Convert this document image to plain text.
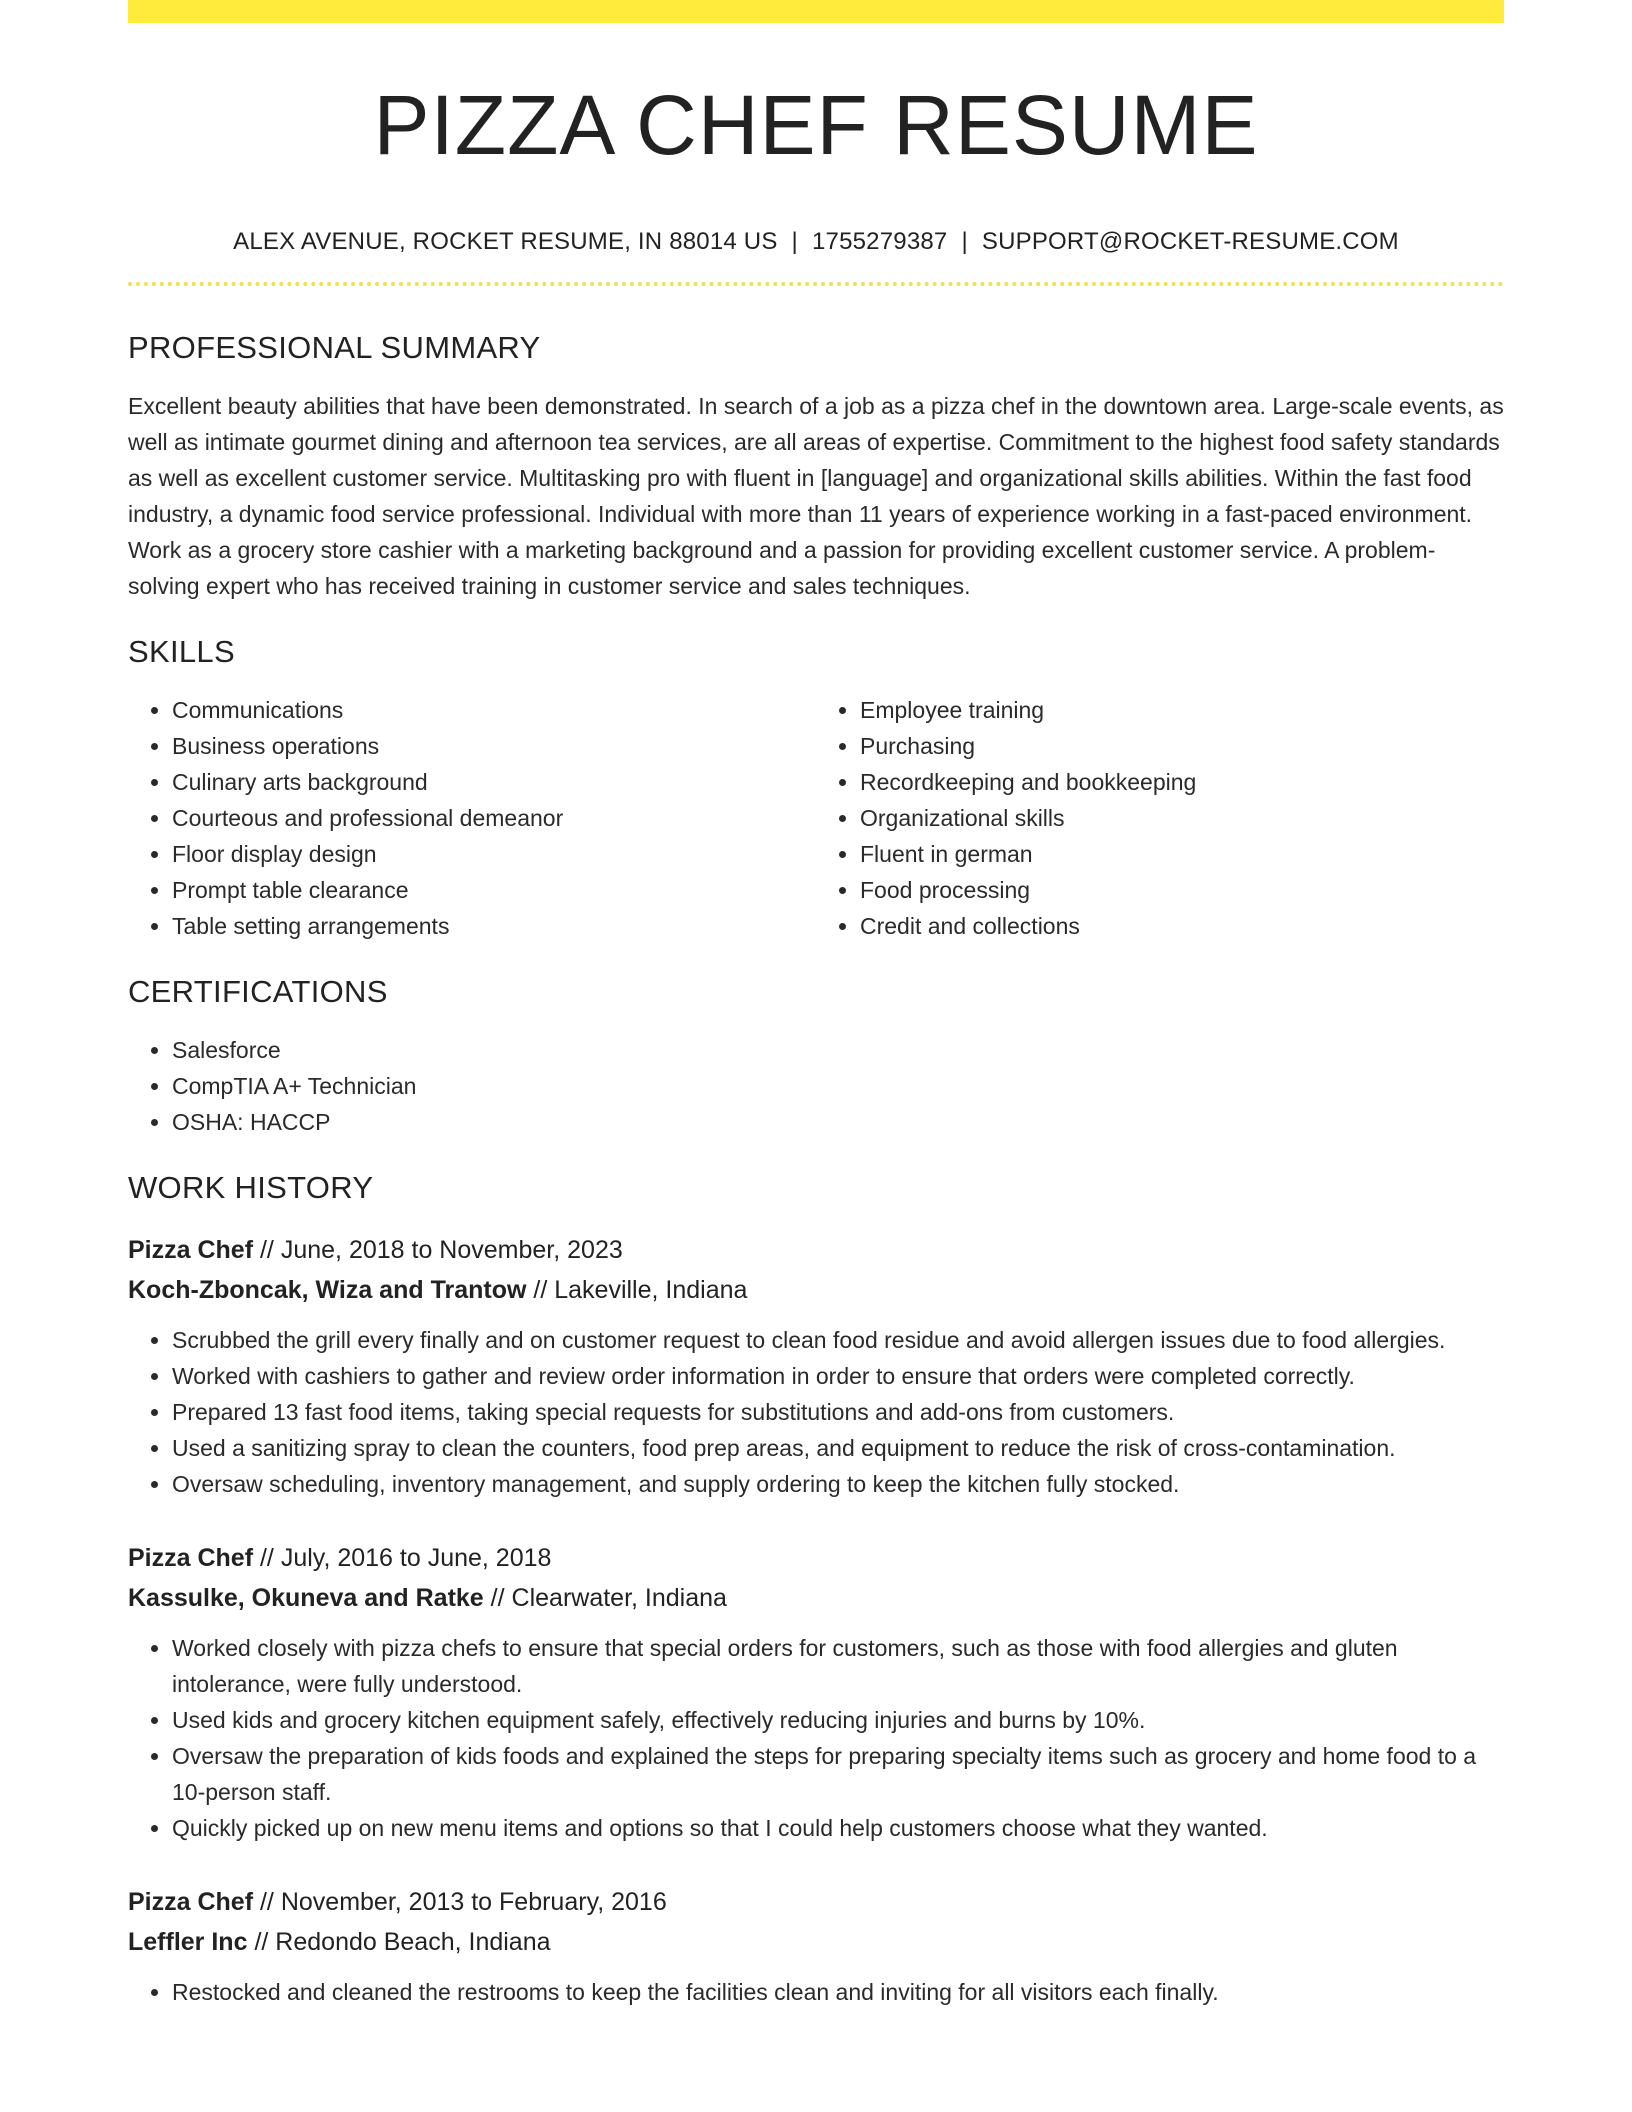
PIZZA CHEF RESUME
ALEX AVENUE, ROCKET RESUME, IN 88014 US | 1755279387 | SUPPORT@ROCKET-RESUME.COM
PROFESSIONAL SUMMARY
Excellent beauty abilities that have been demonstrated. In search of a job as a pizza chef in the downtown area. Large-scale events, as well as intimate gourmet dining and afternoon tea services, are all areas of expertise. Commitment to the highest food safety standards as well as excellent customer service. Multitasking pro with fluent in [language] and organizational skills abilities. Within the fast food industry, a dynamic food service professional. Individual with more than 11 years of experience working in a fast-paced environment. Work as a grocery store cashier with a marketing background and a passion for providing excellent customer service. A problem-solving expert who has received training in customer service and sales techniques.
SKILLS
• Communications
• Business operations
• Culinary arts background
• Courteous and professional demeanor
• Floor display design
• Prompt table clearance
• Table setting arrangements
• Employee training
• Purchasing
• Recordkeeping and bookkeeping
• Organizational skills
• Fluent in german
• Food processing
• Credit and collections
CERTIFICATIONS
• Salesforce
• CompTIA A+ Technician
• OSHA: HACCP
WORK HISTORY
Pizza Chef // June, 2018 to November, 2023
Koch-Zboncak, Wiza and Trantow // Lakeville, Indiana
• Scrubbed the grill every finally and on customer request to clean food residue and avoid allergen issues due to food allergies.
• Worked with cashiers to gather and review order information in order to ensure that orders were completed correctly.
• Prepared 13 fast food items, taking special requests for substitutions and add-ons from customers.
• Used a sanitizing spray to clean the counters, food prep areas, and equipment to reduce the risk of cross-contamination.
• Oversaw scheduling, inventory management, and supply ordering to keep the kitchen fully stocked.
Pizza Chef // July, 2016 to June, 2018
Kassulke, Okuneva and Ratke // Clearwater, Indiana
• Worked closely with pizza chefs to ensure that special orders for customers, such as those with food allergies and gluten intolerance, were fully understood.
• Used kids and grocery kitchen equipment safely, effectively reducing injuries and burns by 10%.
• Oversaw the preparation of kids foods and explained the steps for preparing specialty items such as grocery and home food to a 10-person staff.
• Quickly picked up on new menu items and options so that I could help customers choose what they wanted.
Pizza Chef // November, 2013 to February, 2016
Leffler Inc // Redondo Beach, Indiana
• Restocked and cleaned the restrooms to keep the facilities clean and inviting for all visitors each finally.
